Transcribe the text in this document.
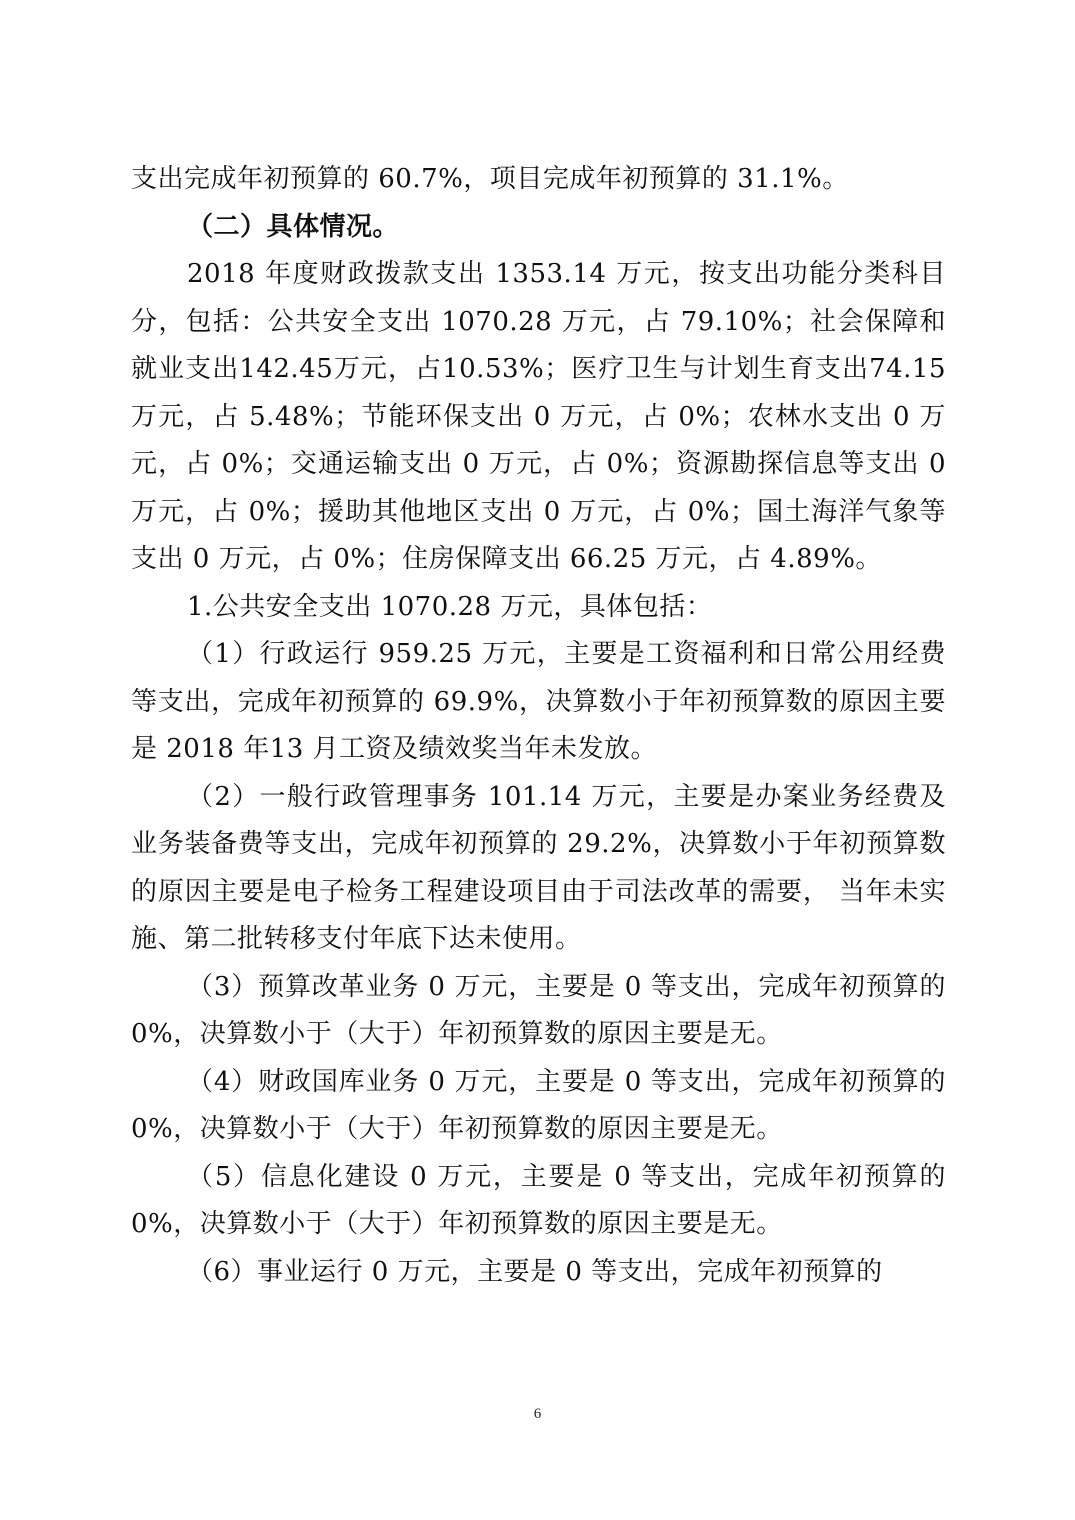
支出完成年初预算的 60.7%，项目完成年初预算的 31.1%。

（二）具体情况。

2018 年度财政拨款支出 1353.14 万元，按支出功能分类科目分，包括：公共安全支出 1070.28 万元，占 79.10%；社会保障和就业支出142.45万元，占10.53%；医疗卫生与计划生育支出74.15万元，占 5.48%；节能环保支出 0 万元，占 0%；农林水支出 0 万元，占 0%；交通运输支出 0 万元，占 0%；资源勘探信息等支出 0万元，占 0%；援助其他地区支出 0 万元，占 0%；国土海洋气象等支出 0 万元，占 0%；住房保障支出 66.25 万元，占 4.89%。

1.公共安全支出 1070.28 万元，具体包括：

（1）行政运行 959.25 万元，主要是工资福利和日常公用经费等支出，完成年初预算的 69.9%，决算数小于年初预算数的原因主要是 2018 年13 月工资及绩效奖当年未发放。

（2）一般行政管理事务 101.14 万元，主要是办案业务经费及业务装备费等支出，完成年初预算的 29.2%，决算数小于年初预算数的原因主要是电子检务工程建设项目由于司法改革的需要， 当年未实施、第二批转移支付年底下达未使用。

（3）预算改革业务 0 万元，主要是 0 等支出，完成年初预算的 0%，决算数小于（大于）年初预算数的原因主要是无。

（4）财政国库业务 0 万元，主要是 0 等支出，完成年初预算的 0%，决算数小于（大于）年初预算数的原因主要是无。

（5）信息化建设 0 万元，主要是 0 等支出，完成年初预算的0%，决算数小于（大于）年初预算数的原因主要是无。

（6）事业运行 0 万元，主要是 0 等支出，完成年初预算的

6
